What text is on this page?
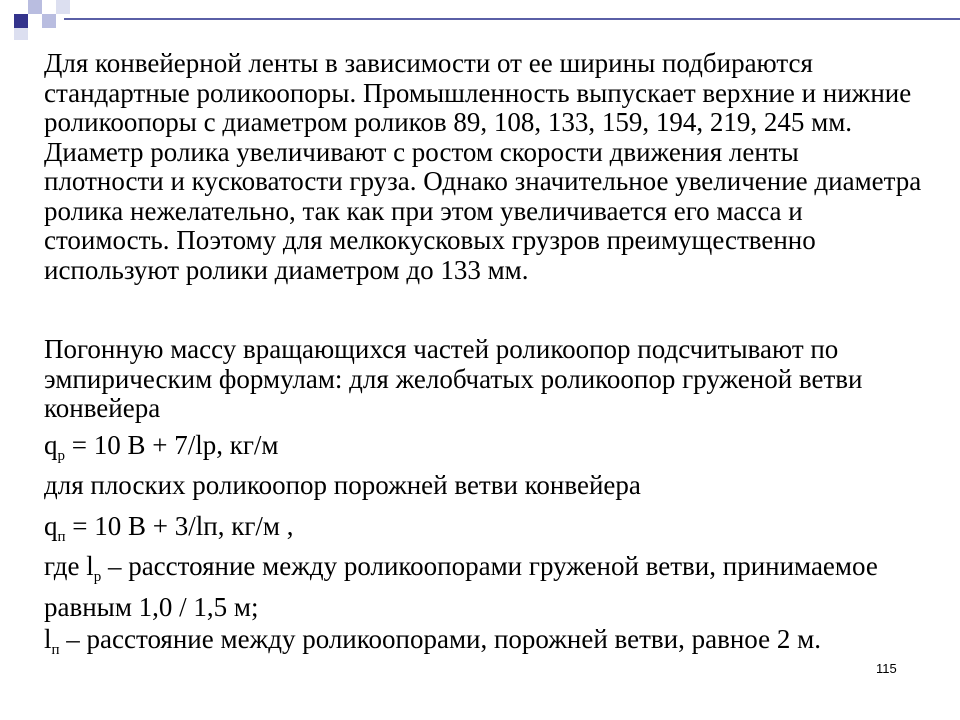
Для конвейерной ленты в зависимости от ее ширины подбираются стандартные роликоопоры. Промышленность выпускает верхние и нижние роликоопоры с диаметром роликов 89, 108, 133, 159, 194, 219, 245 мм. Диаметр ролика увеличивают с ростом скорости движения ленты плотности и кусковатости груза. Однако значительное увеличение диаметра ролика нежелательно, так как при этом увеличивается его масса и стоимость. Поэтому для мелкокусковых грузров преимущественно используют ролики диаметром до 133 мм.

Погонную массу вращающихся частей роликоопор подсчитывают по эмпирическим формулам: для желобчатых роликоопор груженой ветви конвейера

$q_р = 10$ В + 7/lр, кг/м

для плоских роликоопор порожней ветви конвейера

$q_п = 10$ В + 3/lп, кг/м ,

где $l_р$ – расстояние между роликоопорами груженой ветви, принимаемое равным 1,0 / 1,5 м;

$l_п$ – расстояние между роликоопорами, порожней ветви, равное 2 м.

115
